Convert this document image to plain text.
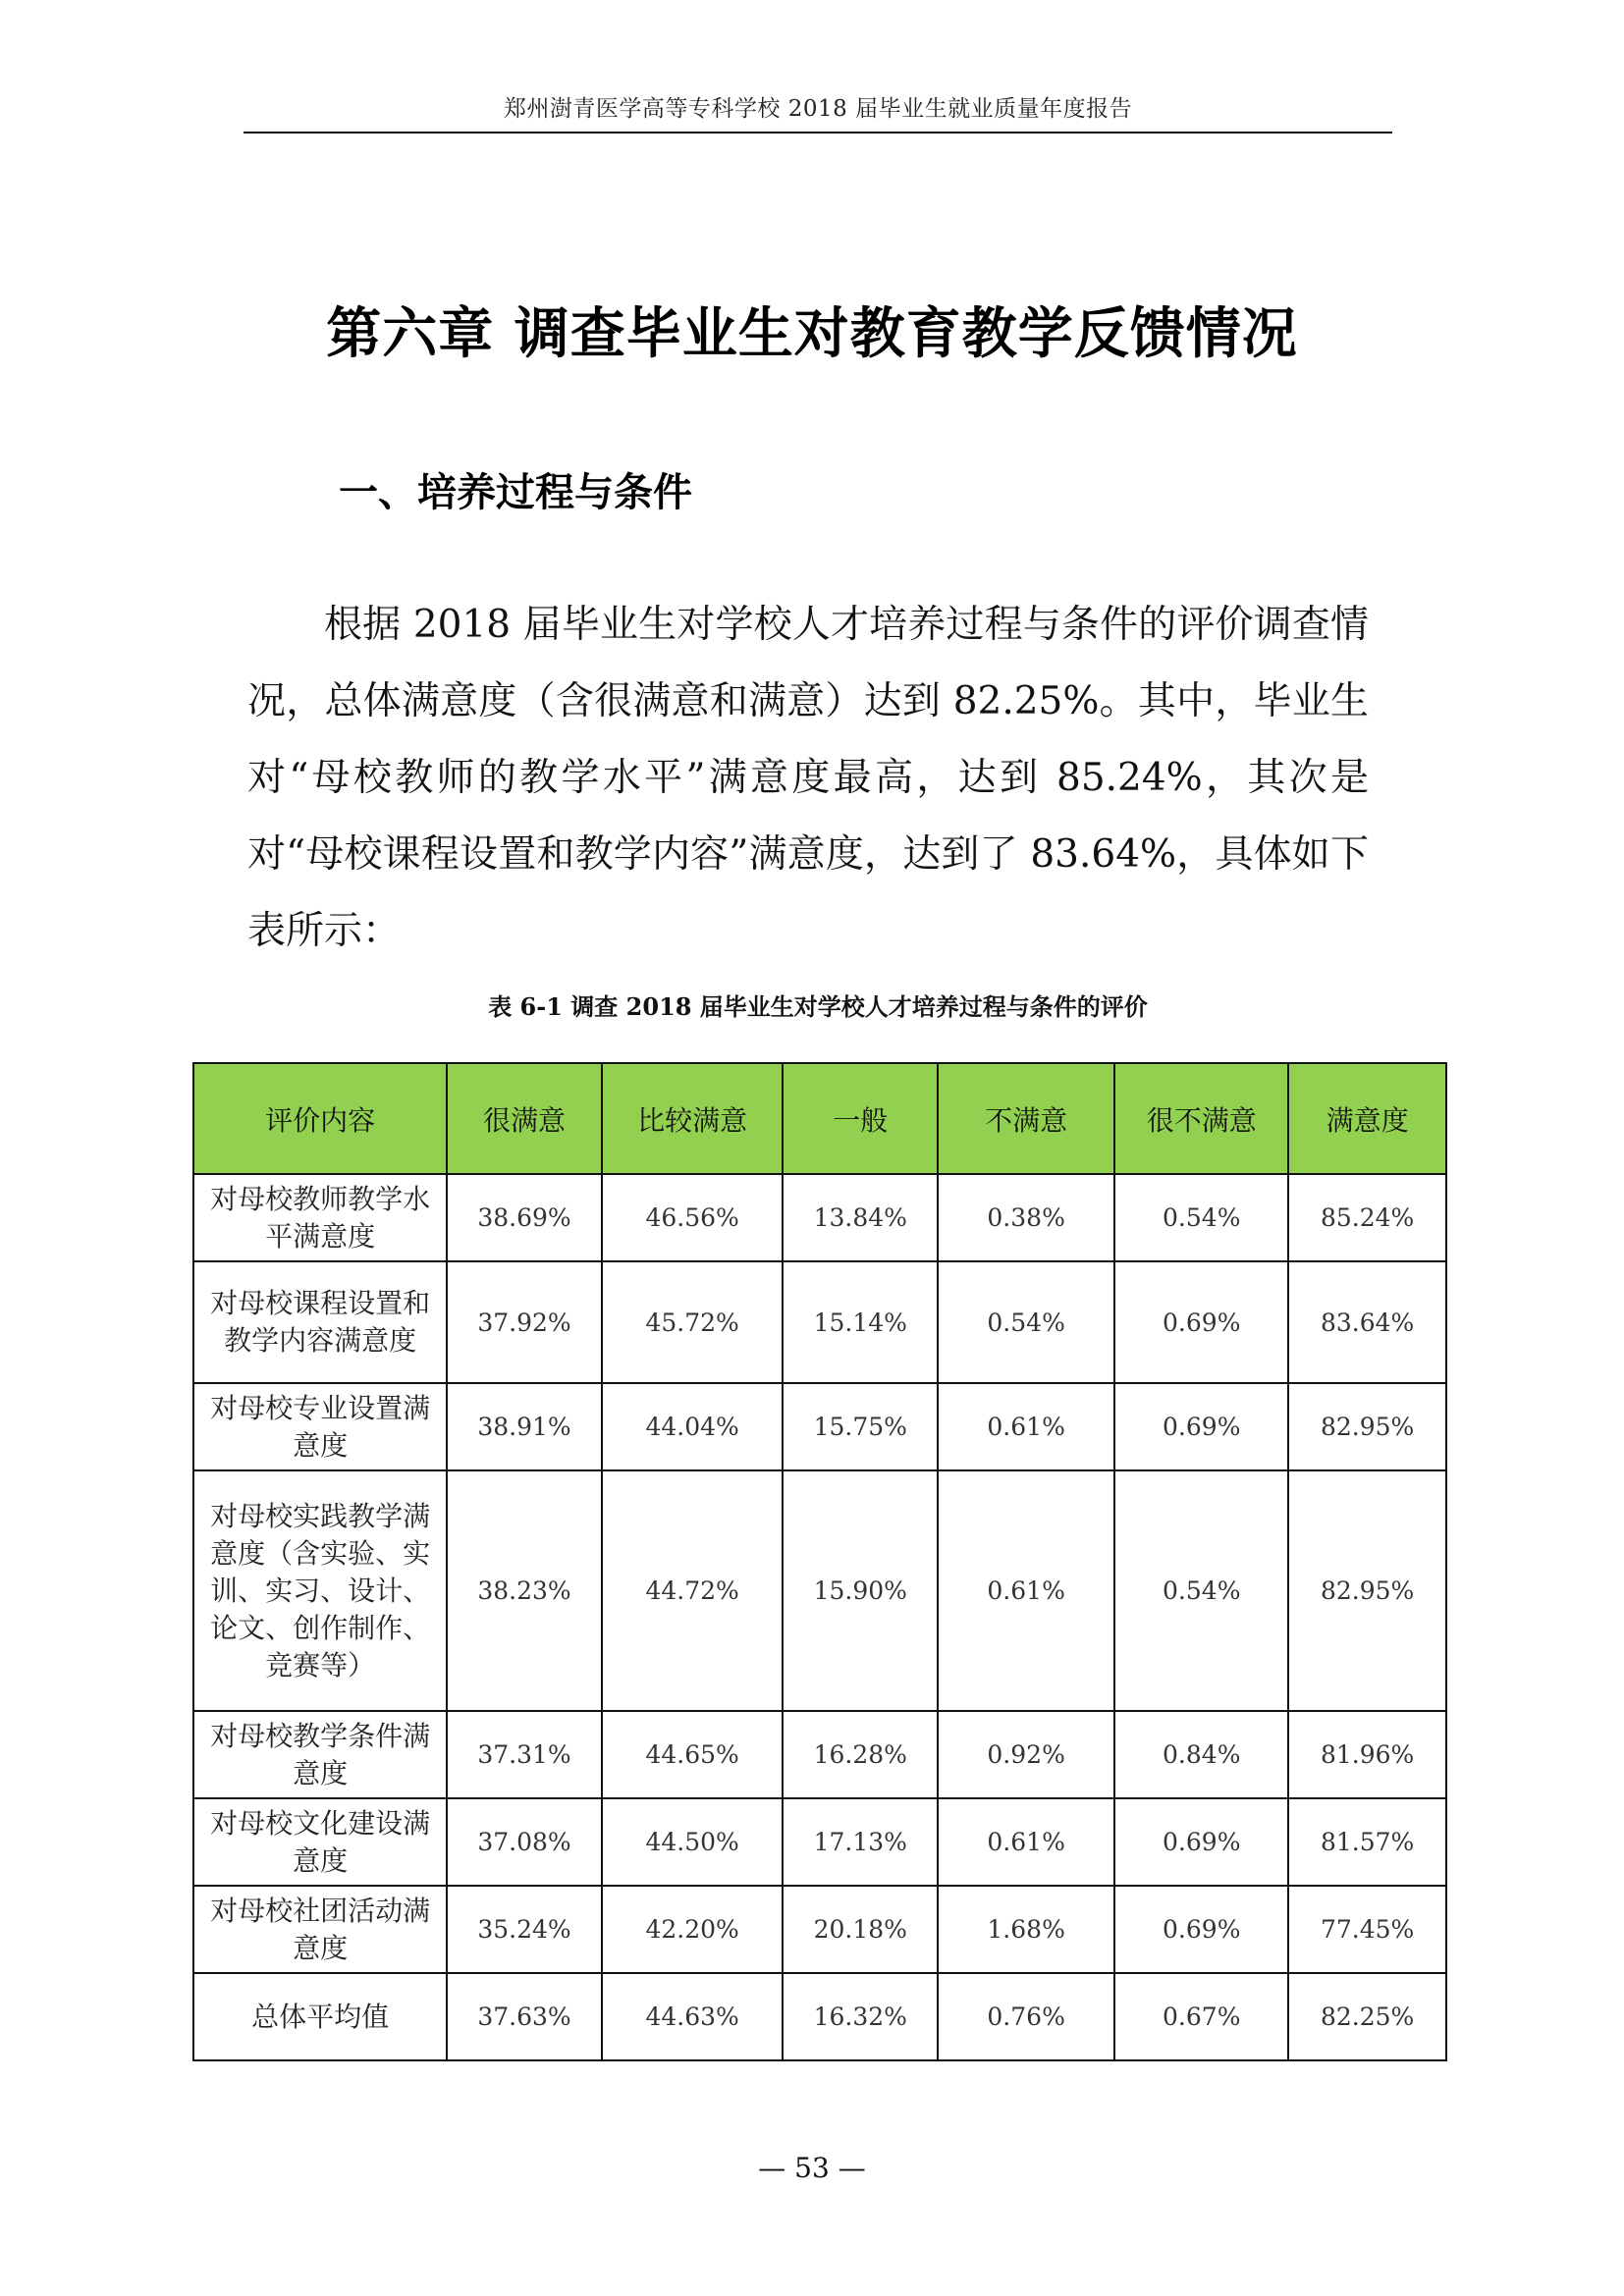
郑州澍青医学高等专科学校 2018 届毕业生就业质量年度报告
第六章 调查毕业生对教育教学反馈情况
一、培养过程与条件

根据 2018 届毕业生对学校人才培养过程与条件的评价调查情况，总体满意度（含很满意和满意）达到 82.25%。其中，毕业生对“母校教师的教学水平”满意度最高，达到 85.24%，其次是对“母校课程设置和教学内容”满意度，达到了 83.64%，具体如下表所示：

表 6-1 调查 2018 届毕业生对学校人才培养过程与条件的评价
评价内容	很满意	比较满意	一般	不满意	很不满意	满意度
对母校教师教学水平满意度	38.69%	46.56%	13.84%	0.38%	0.54%	85.24%
对母校课程设置和教学内容满意度	37.92%	45.72%	15.14%	0.54%	0.69%	83.64%
对母校专业设置满意度	38.91%	44.04%	15.75%	0.61%	0.69%	82.95%
对母校实践教学满意度（含实验、实训、实习、设计、论文、创作制作、竞赛等）	38.23%	44.72%	15.90%	0.61%	0.54%	82.95%
对母校教学条件满意度	37.31%	44.65%	16.28%	0.92%	0.84%	81.96%
对母校文化建设满意度	37.08%	44.50%	17.13%	0.61%	0.69%	81.57%
对母校社团活动满意度	35.24%	42.20%	20.18%	1.68%	0.69%	77.45%
总体平均值	37.63%	44.63%	16.32%	0.76%	0.67%	82.25%
— 53 —
